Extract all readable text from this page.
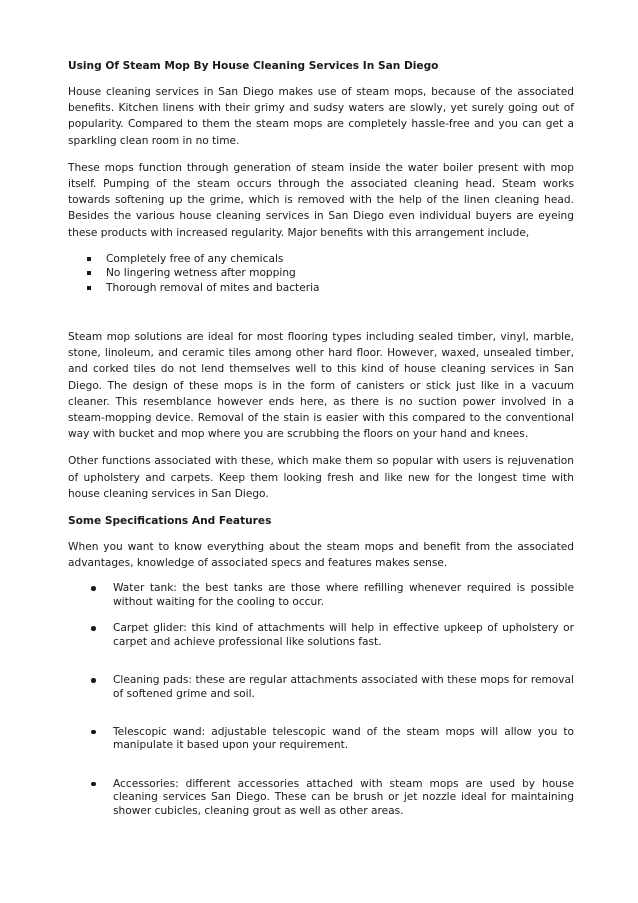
Using Of Steam Mop By House Cleaning Services In San Diego

House cleaning services in San Diego makes use of steam mops, because of the associated benefits. Kitchen linens with their grimy and sudsy waters are slowly, yet surely going out of popularity. Compared to them the steam mops are completely hassle-free and you can get a sparkling clean room in no time.

These mops function through generation of steam inside the water boiler present with mop itself. Pumping of the steam occurs through the associated cleaning head. Steam works towards softening up the grime, which is removed with the help of the linen cleaning head. Besides the various house cleaning services in San Diego even individual buyers are eyeing these products with increased regularity. Major benefits with this arrangement include,

Completely free of any chemicals
No lingering wetness after mopping
Thorough removal of mites and bacteria

Steam mop solutions are ideal for most flooring types including sealed timber, vinyl, marble, stone, linoleum, and ceramic tiles among other hard floor. However, waxed, unsealed timber, and corked tiles do not lend themselves well to this kind of house cleaning services in San Diego. The design of these mops is in the form of canisters or stick just like in a vacuum cleaner. This resemblance however ends here, as there is no suction power involved in a steam-mopping device. Removal of the stain is easier with this compared to the conventional way with bucket and mop where you are scrubbing the floors on your hand and knees.

Other functions associated with these, which make them so popular with users is rejuvenation of upholstery and carpets. Keep them looking fresh and like new for the longest time with house cleaning services in San Diego.

Some Specifications And Features

When you want to know everything about the steam mops and benefit from the associated advantages, knowledge of associated specs and features makes sense.

Water tank: the best tanks are those where refilling whenever required is possible without waiting for the cooling to occur.
Carpet glider: this kind of attachments will help in effective upkeep of upholstery or carpet and achieve professional like solutions fast.
Cleaning pads: these are regular attachments associated with these mops for removal of softened grime and soil.
Telescopic wand: adjustable telescopic wand of the steam mops will allow you to manipulate it based upon your requirement.
Accessories: different accessories attached with steam mops are used by house cleaning services San Diego. These can be brush or jet nozzle ideal for maintaining shower cubicles, cleaning grout as well as other areas.
